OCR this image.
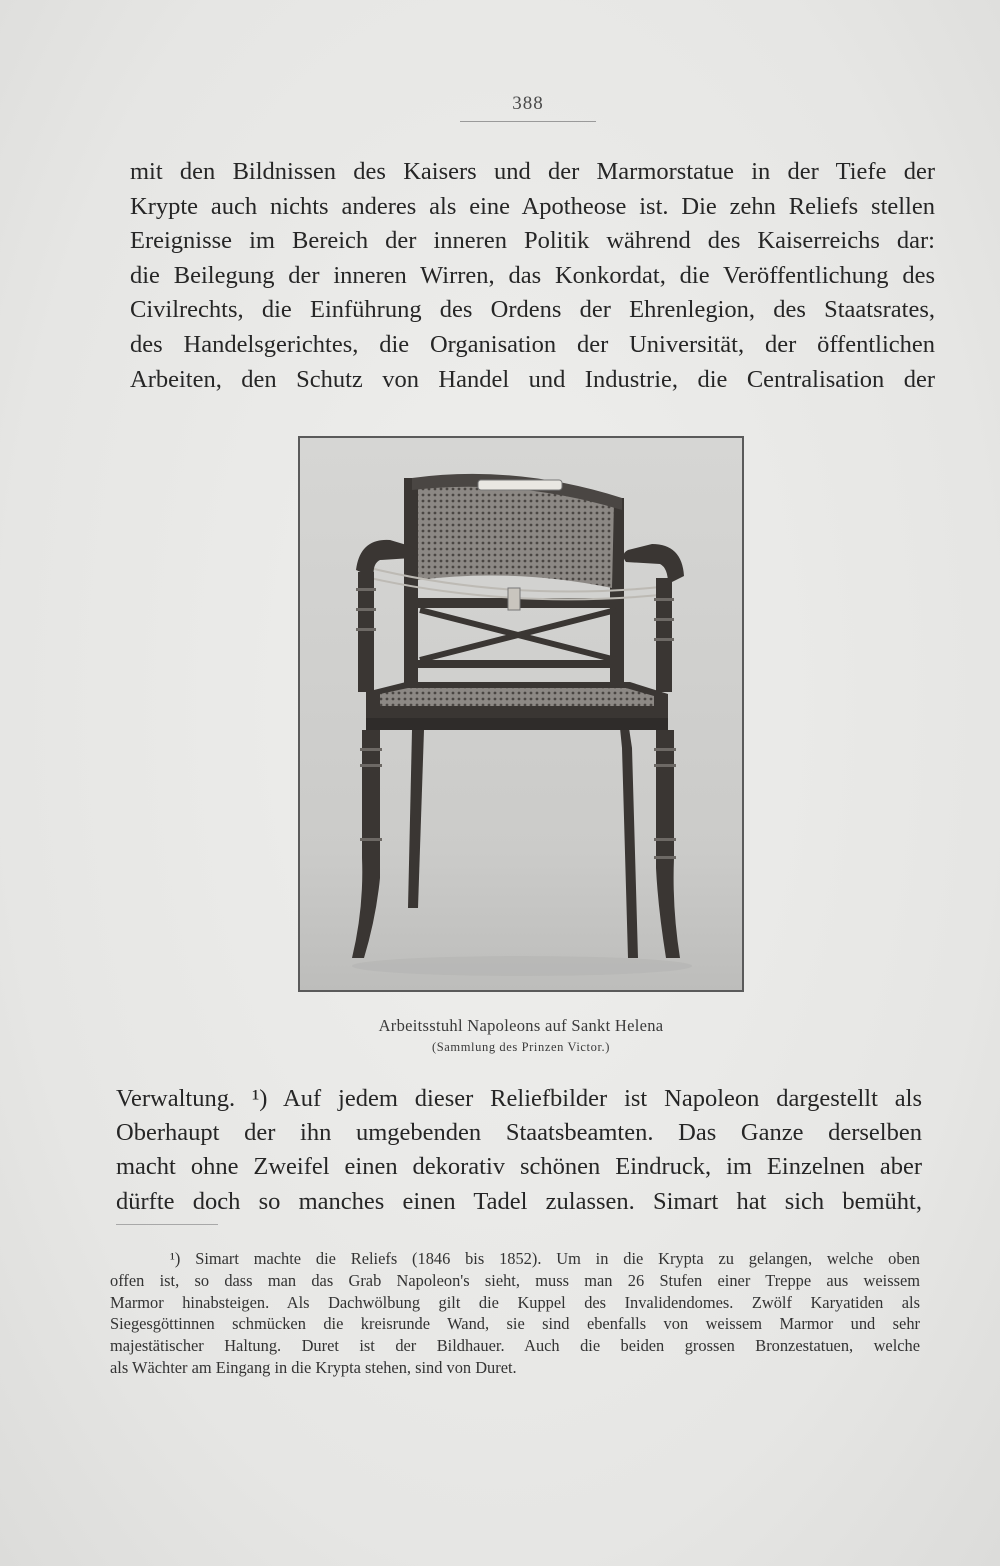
388
mit den Bildnissen des Kaisers und der Marmorstatue in der Tiefe der
Krypte auch nichts anderes als eine Apotheose ist. Die zehn Reliefs stellen
Ereignisse im Bereich der inneren Politik während des Kaiserreichs dar:
die Beilegung der inneren Wirren, das Konkordat, die Veröffentlichung des
Civilrechts, die Einführung des Ordens der Ehrenlegion, des Staatsrates,
des Handelsgerichtes, die Organisation der Universität, der öffentlichen
Arbeiten, den Schutz von Handel und Industrie, die Centralisation der
Arbeitsstuhl Napoleons auf Sankt Helena
(Sammlung des Prinzen Victor.)
Verwaltung. ¹) Auf jedem dieser Reliefbilder ist Napoleon dargestellt als
Oberhaupt der ihn umgebenden Staatsbeamten. Das Ganze derselben
macht ohne Zweifel einen dekorativ schönen Eindruck, im Einzelnen aber
dürfte doch so manches einen Tadel zulassen. Simart hat sich bemüht,
¹) Simart machte die Reliefs (1846 bis 1852). Um in die Krypta zu gelangen, welche oben
offen ist, so dass man das Grab Napoleon's sieht, muss man 26 Stufen einer Treppe aus weissem
Marmor hinabsteigen. Als Dachwölbung gilt die Kuppel des Invalidendomes. Zwölf Karyatiden als
Siegesgöttinnen schmücken die kreisrunde Wand, sie sind ebenfalls von weissem Marmor und sehr
majestätischer Haltung. Duret ist der Bildhauer. Auch die beiden grossen Bronzestatuen, welche
als Wächter am Eingang in die Krypta stehen, sind von Duret.
